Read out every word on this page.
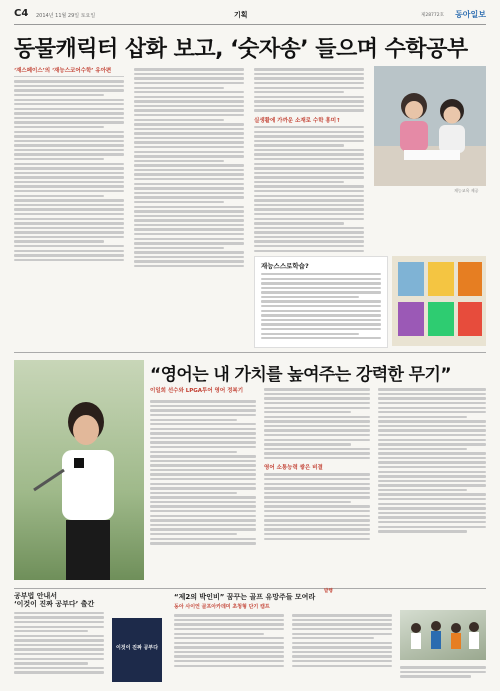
C4 2014년 11월 29일 토요일	기획	제28772호 동아일보
동물캐릭터 삽화 보고, ‘숫자송’ 들으며 수학공부
‘재스페이스’의 ‘재능스코어수학’ 유아편
실생활에 가까운 소재로 수학 흥미↑
재능교육 제공
재능스스로학습?
“영어는 내 가치를 높여주는 강력한 무기”
이일희 선수와 LPGA투어 영어 정복기
영어 소통능력 쌓은 비결
공부법 안내서
‘이것이 진짜 공부다’ 출간
이것이 진짜 공부다
발행
“제2의 박인비” 꿈꾸는 골프 유망주들 모여라
동아 사이언 골프아카데미 초청형 단기 캠프
